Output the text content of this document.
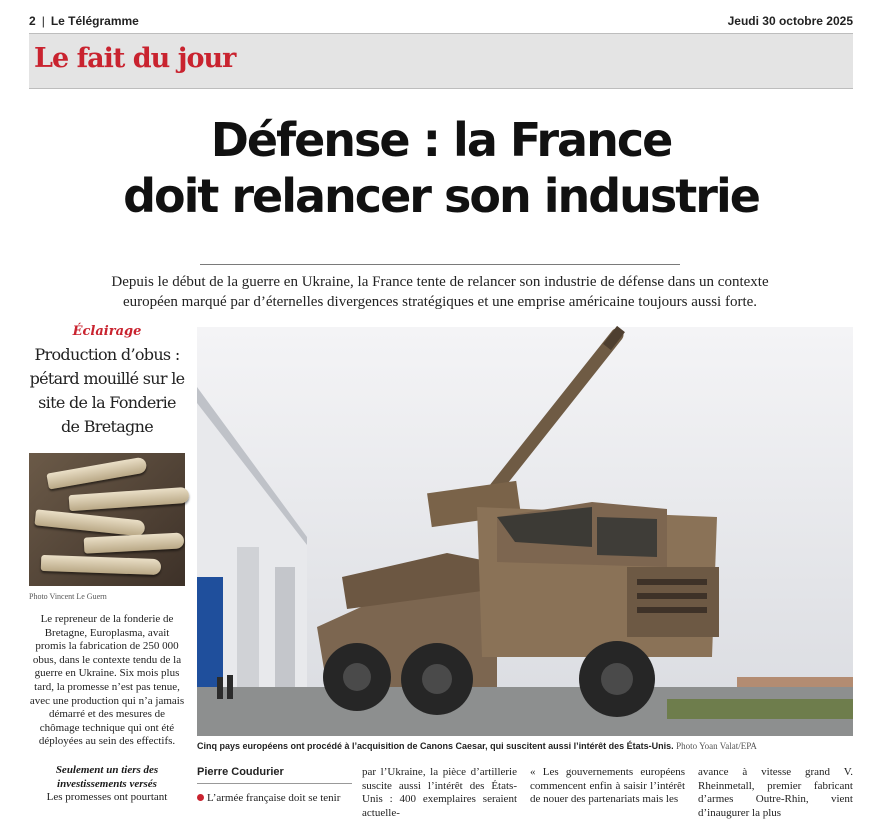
2 | Le Télégramme	Jeudi 30 octobre 2025
Le fait du jour
Défense : la France
doit relancer son industrie
Depuis le début de la guerre en Ukraine, la France tente de relancer son industrie de défense dans un contexte européen marqué par d’éternelles divergences stratégiques et une emprise américaine toujours aussi forte.
Éclairage
Production d’obus : pétard mouillé sur le site de la Fonderie de Bretagne
Photo Vincent Le Guern
Le repreneur de la fonderie de Bretagne, Europlasma, avait promis la fabrication de 250 000 obus, dans le contexte tendu de la guerre en Ukraine. Six mois plus tard, la promesse n’est pas tenue, avec une production qui n’a jamais démarré et des mesures de chômage technique qui ont été déployées au sein des effectifs.
Seulement un tiers des investissements versés
Les promesses ont pourtant
Cinq pays européens ont procédé à l’acquisition de Canons Caesar, qui suscitent aussi l’intérêt des États-Unis. Photo Yoan Valat/EPA
Pierre Coudurier
L’armée française doit se tenir
par l’Ukraine, la pièce d’artillerie suscite aussi l’intérêt des États-Unis : 400 exemplaires seraient actuelle-
« Les gouvernements européens commencent enfin à saisir l’intérêt de nouer des partenariats mais les
avance à vitesse grand V. Rheinmetall, premier fabricant d’armes Outre-Rhin, vient d’inaugurer la plus
